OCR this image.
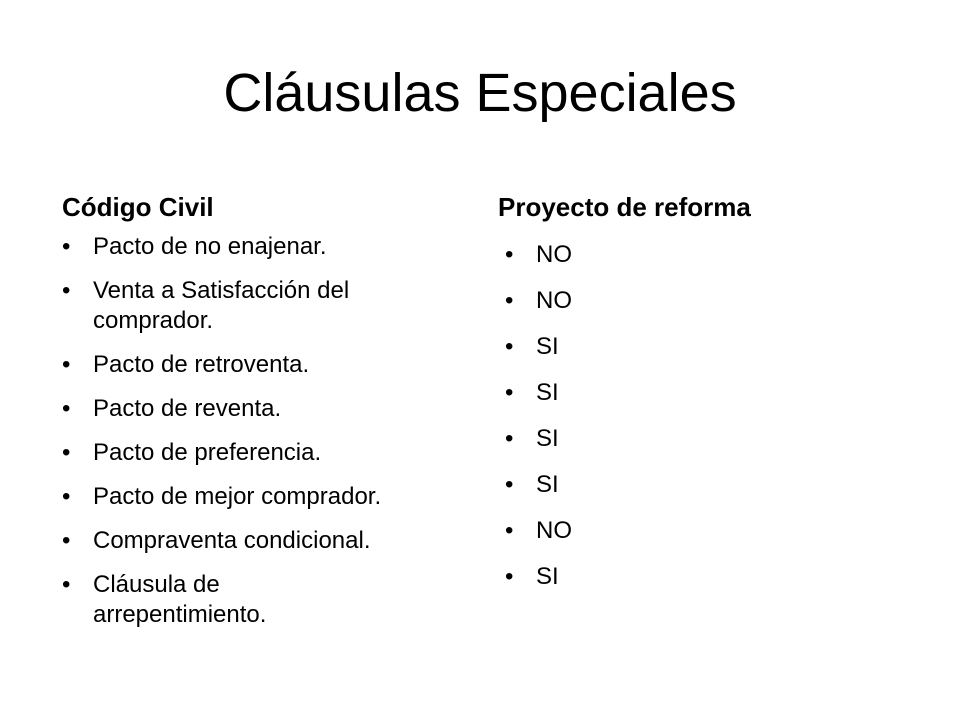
Cláusulas Especiales
Código Civil	Proyecto de reforma
• Pacto de no enajenar.
• Venta a Satisfacción del comprador.
• Pacto de retroventa.
• Pacto de reventa.
• Pacto de preferencia.
• Pacto de mejor comprador.
• Compraventa condicional.
• Cláusula de arrepentimiento.
• NO
• NO
• SI
• SI
• SI
• SI
• NO
• SI
